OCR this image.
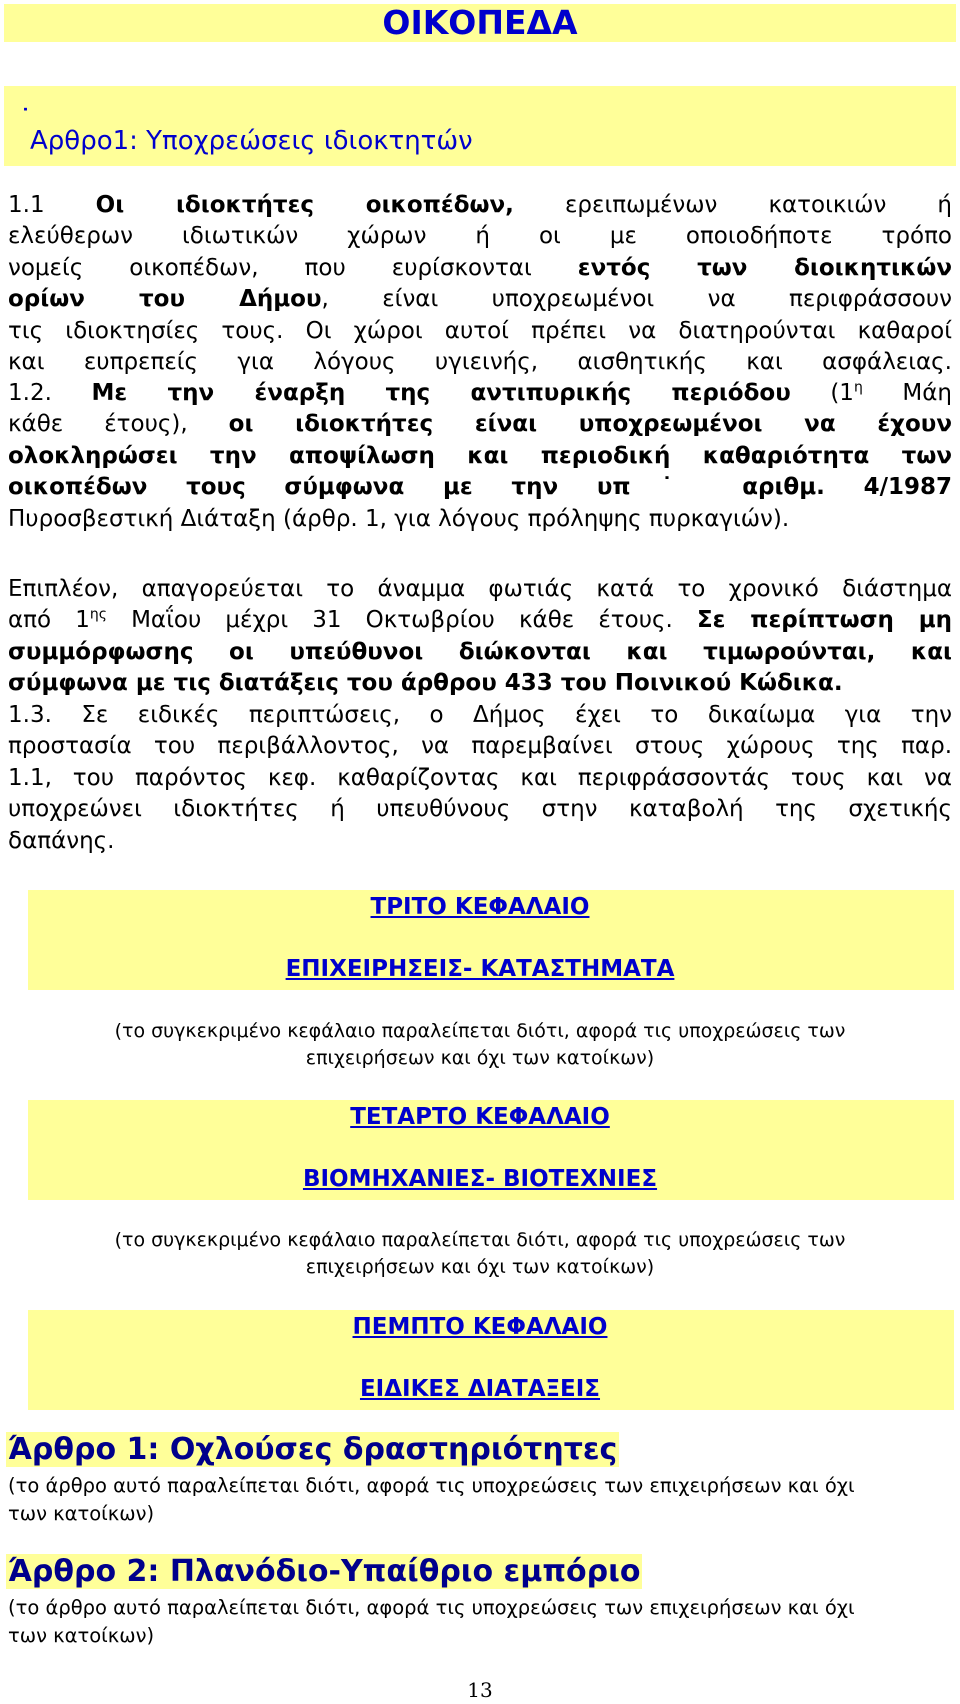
ΟΙΚΟΠΕΔΑ
˙
Αρθρο1: Υποχρεώσεις ιδιοκτητών
1.1 Οι ιδιοκτήτες οικοπέδων, ερειπωμένων κατοικιών ή
ελεύθερων ιδιωτικών χώρων ή οι με οποιοδήποτε τρόπο
νομείς οικοπέδων, που ευρίσκονται εντός των διοικητικών
ορίων του Δήμου, είναι υποχρεωμένοι να περιφράσσουν
τις ιδιοκτησίες τους. Οι χώροι αυτοί πρέπει να διατηρούνται καθαροί
και ευπρεπείς για λόγους υγιεινής, αισθητικής και ασφάλειας.
1.2. Με την έναρξη της αντιπυρικής περιόδου ($1^\eta$ Μάη
κάθε έτους), οι ιδιοκτήτες είναι υποχρεωμένοι να έχουν
ολοκληρώσει την αποψίλωση και περιοδική καθαριότητα των
οικοπέδων τους σύμφωνα με την υπ˙ αριθμ. 4/1987
Πυροσβεστική Διάταξη (άρθρ. 1, για λόγους πρόληψης πυρκαγιών).
Επιπλέον, απαγορεύεται το άναμμα φωτιάς κατά το χρονικό διάστημα
από $1^{\eta\varsigma}$ Μαΐου μέχρι 31 Οκτωβρίου κάθε έτους. Σε περίπτωση μη
συμμόρφωσης οι υπεύθυνοι διώκονται και τιμωρούνται, και
σύμφωνα με τις διατάξεις του άρθρου 433 του Ποινικού Κώδικα.
1.3. Σε ειδικές περιπτώσεις, ο Δήμος έχει το δικαίωμα για την
προστασία του περιβάλλοντος, να παρεμβαίνει στους χώρους της παρ.
1.1, του παρόντος κεφ. καθαρίζοντας και περιφράσσοντάς τους και να
υποχρεώνει ιδιοκτήτες ή υπευθύνους στην καταβολή της σχετικής
δαπάνης.
ΤΡΙΤΟ ΚΕΦΑΛΑΙΟ
ΕΠΙΧΕΙΡΗΣΕΙΣ- ΚΑΤΑΣΤΗΜΑΤΑ
(το συγκεκριμένο κεφάλαιο παραλείπεται διότι, αφορά τις υποχρεώσεις των
επιχειρήσεων και όχι των κατοίκων)
ΤΕΤΑΡΤΟ ΚΕΦΑΛΑΙΟ
ΒΙΟΜΗΧΑΝΙΕΣ- ΒΙΟΤΕΧΝΙΕΣ
(το συγκεκριμένο κεφάλαιο παραλείπεται διότι, αφορά τις υποχρεώσεις των
επιχειρήσεων και όχι των κατοίκων)
ΠΕΜΠΤΟ ΚΕΦΑΛΑΙΟ
ΕΙΔΙΚΕΣ ΔΙΑΤΑΞΕΙΣ
Άρθρο 1: Οχλούσες δραστηριότητες
(το άρθρο αυτό παραλείπεται διότι, αφορά τις υποχρεώσεις των επιχειρήσεων και όχι
των κατοίκων)
Άρθρο 2: Πλανόδιο-Υπαίθριο εμπόριο
(το άρθρο αυτό παραλείπεται διότι, αφορά τις υποχρεώσεις των επιχειρήσεων και όχι
των κατοίκων)
13
